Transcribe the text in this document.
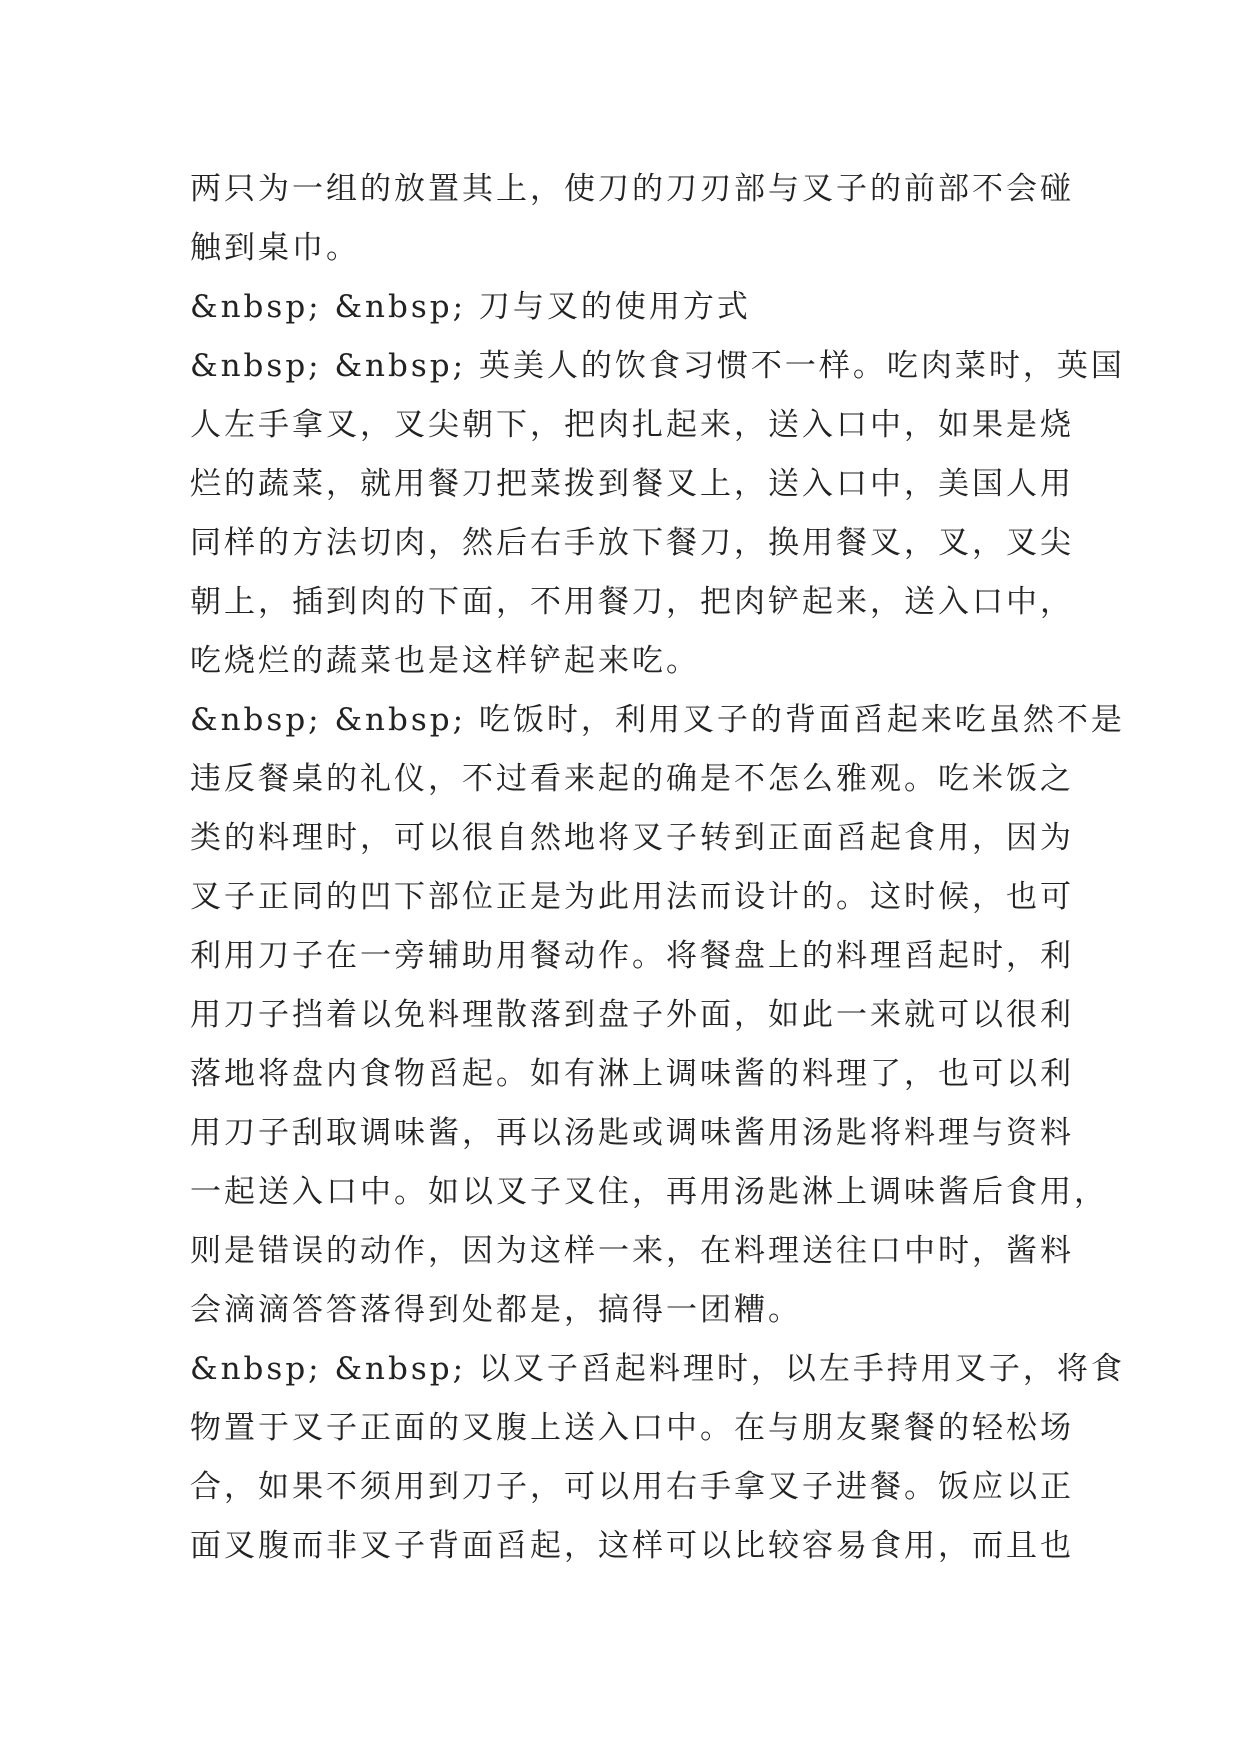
两只为一组的放置其上，使刀的刀刃部与叉子的前部不会碰
触到桌巾。
&nbsp; &nbsp; 刀与叉的使用方式
&nbsp; &nbsp; 英美人的饮食习惯不一样。吃肉菜时，英国
人左手拿叉，叉尖朝下，把肉扎起来，送入口中，如果是烧
烂的蔬菜，就用餐刀把菜拨到餐叉上，送入口中，美国人用
同样的方法切肉，然后右手放下餐刀，换用餐叉，叉，叉尖
朝上，插到肉的下面，不用餐刀，把肉铲起来，送入口中，
吃烧烂的蔬菜也是这样铲起来吃。
&nbsp; &nbsp; 吃饭时，利用叉子的背面舀起来吃虽然不是
违反餐桌的礼仪，不过看来起的确是不怎么雅观。吃米饭之
类的料理时，可以很自然地将叉子转到正面舀起食用，因为
叉子正同的凹下部位正是为此用法而设计的。这时候，也可
利用刀子在一旁辅助用餐动作。将餐盘上的料理舀起时，利
用刀子挡着以免料理散落到盘子外面，如此一来就可以很利
落地将盘内食物舀起。如有淋上调味酱的料理了，也可以利
用刀子刮取调味酱，再以汤匙或调味酱用汤匙将料理与资料
一起送入口中。如以叉子叉住，再用汤匙淋上调味酱后食用，
则是错误的动作，因为这样一来，在料理送往口中时，酱料
会滴滴答答落得到处都是，搞得一团糟。
&nbsp; &nbsp; 以叉子舀起料理时，以左手持用叉子，将食
物置于叉子正面的叉腹上送入口中。在与朋友聚餐的轻松场
合，如果不须用到刀子，可以用右手拿叉子进餐。饭应以正
面叉腹而非叉子背面舀起，这样可以比较容易食用，而且也
